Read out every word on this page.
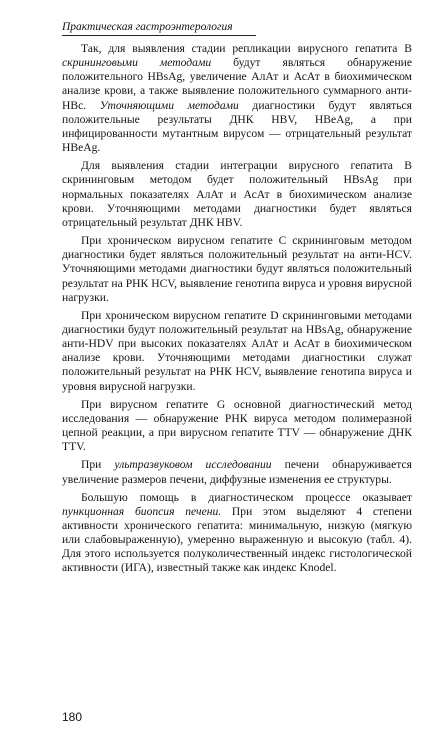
Практическая гастроэнтерология

Так, для выявления стадии репликации вирусного гепатита В скрининговыми методами будут являться обнаружение положительного HBsAg, увеличение АлАт и АсАт в биохимическом анализе крови, а также выявление положительного суммарного анти-HBc. Уточняющими методами диагностики будут являться положительные результаты ДНК HBV, HBeAg, а при инфицированности мутантным вирусом — отрицательный результат HBeAg.

Для выявления стадии интеграции вирусного гепатита В скрининговым методом будет положительный HBsAg при нормальных показателях АлАт и АсАт в биохимическом анализе крови. Уточняющими методами диагностики будет являться отрицательный результат ДНК HBV.

При хроническом вирусном гепатите С скрининговым методом диагностики будет являться положительный результат на анти-HCV. Уточняющими методами диагностики будут являться положительный результат на РНК HCV, выявление генотипа вируса и уровня вирусной нагрузки.

При хроническом вирусном гепатите D скрининговыми методами диагностики будут положительный результат на HBsAg, обнаружение анти-HDV при высоких показателях АлАт и АсАт в биохимическом анализе крови. Уточняющими методами диагностики служат положительный результат на РНК HCV, выявление генотипа вируса и уровня вирусной нагрузки.

При вирусном гепатите G основной диагностический метод исследования — обнаружение РНК вируса методом полимеразной цепной реакции, а при вирусном гепатите TTV — обнаружение ДНК TTV.

При ультразвуковом исследовании печени обнаруживается увеличение размеров печени, диффузные изменения ее структуры.

Большую помощь в диагностическом процессе оказывает пункционная биопсия печени. При этом выделяют 4 степени активности хронического гепатита: минимальную, низкую (мягкую или слабовыраженную), умеренно выраженную и высокую (табл. 4). Для этого используется полуколичественный индекс гистологической активности (ИГА), известный также как индекс Knodel.

180
